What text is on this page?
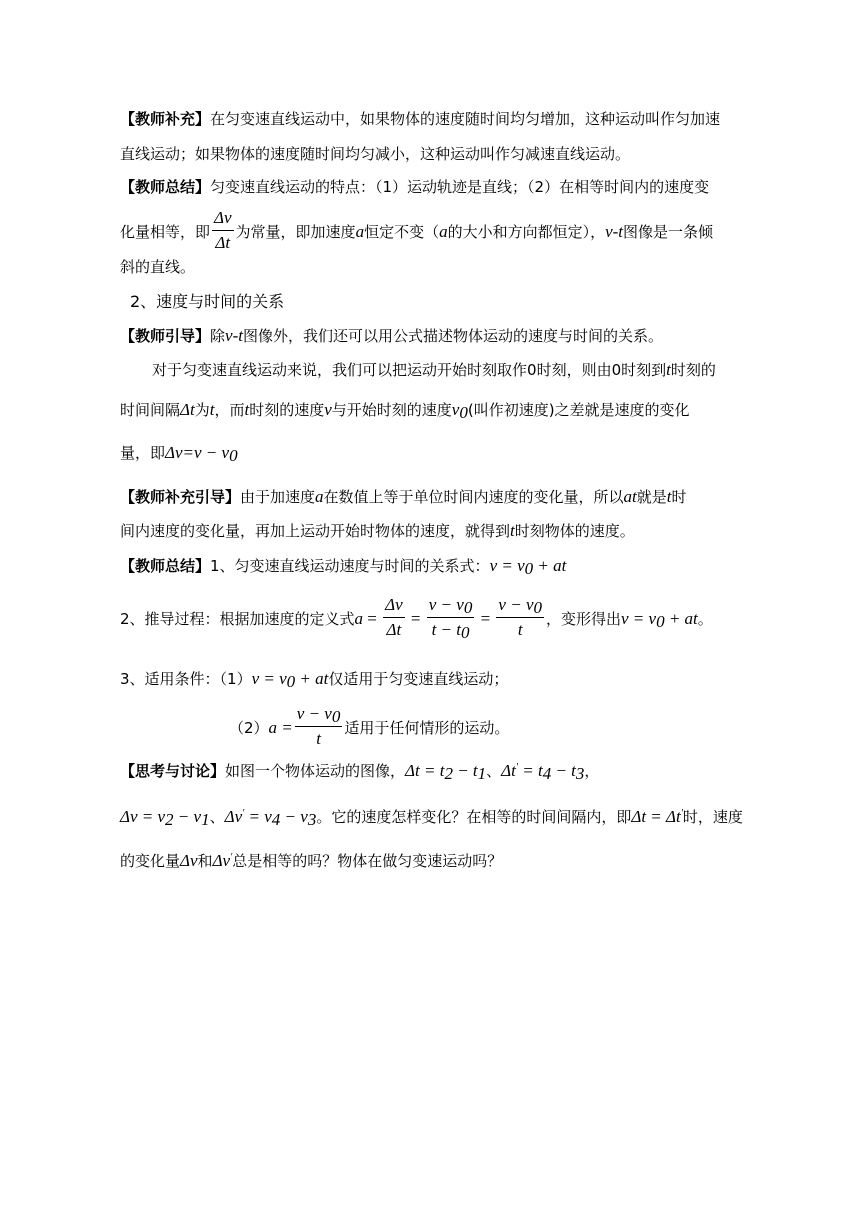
【教师补充】在匀变速直线运动中，如果物体的速度随时间均匀增加，这种运动叫作匀加速
直线运动；如果物体的速度随时间均匀减小，这种运动叫作匀减速直线运动。
【教师总结】匀变速直线运动的特点：（1）运动轨迹是直线；（2）在相等时间内的速度变
化量相等，即 $\frac{\Delta v}{\Delta t}$ 为常量，即加速度a恒定不变（a的大小和方向都恒定），v-t图像是一条倾
斜的直线。
2、速度与时间的关系
【教师引导】除v-t图像外，我们还可以用公式描述物体运动的速度与时间的关系。
对于匀变速直线运动来说，我们可以把运动开始时刻取作0时刻，则由0时刻到t时刻的
时间间隔Δt为t，而t时刻的速度v与开始时刻的速度$v_0$(叫作初速度)之差就是速度的变化
量，即$\Delta v=v - v_0$
【教师补充引导】由于加速度a在数值上等于单位时间内速度的变化量，所以at就是t时
间内速度的变化量，再加上运动开始时物体的速度，就得到t时刻物体的速度。
【教师总结】1、匀变速直线运动速度与时间的关系式：$v = v_0$ + at
2、推导过程：根据加速度的定义式$a = \frac{\Delta v}{\Delta t} = \frac{v - v_0}{t - t_0} = \frac{v - v_0}{t}$ ，变形得出$v = v_0$ + at。
3、适用条件：$(1)v = v_0$ + at仅适用于匀变速直线运动；
$(2)a = \frac{v - v_0}{t}$ 适用于任何情形的运动。
【思考与讨论】如图一个物体运动的图像，$\Delta t = t_2 - t_1$、$\Delta t' = t_4 - t_3$，
$\Delta v = v_2 - v_1$、$\Delta v' = v_4 - v_3$。它的速度怎样变化？在相等的时间间隔内，即Δt = Δt'时，速度
的变化量Δv和Δv'总是相等的吗？物体在做匀变速运动吗？
